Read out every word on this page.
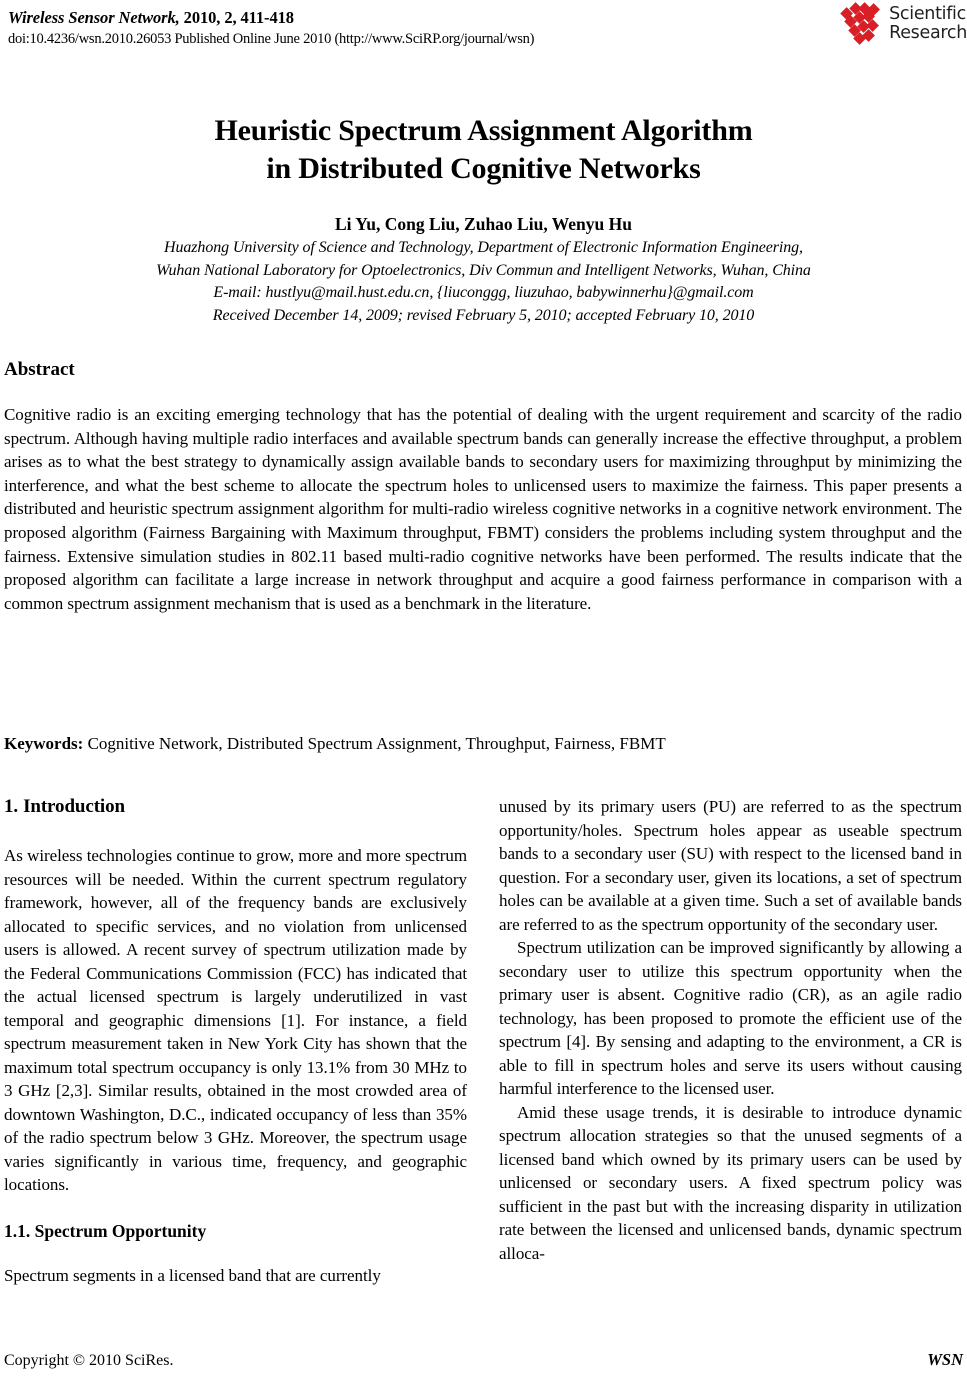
Wireless Sensor Network, 2010, 2, 411-418
doi:10.4236/wsn.2010.26053 Published Online June 2010 (http://www.SciRP.org/journal/wsn)
Scientific
Research
Heuristic Spectrum Assignment Algorithm
in Distributed Cognitive Networks
Li Yu, Cong Liu, Zuhao Liu, Wenyu Hu
Huazhong University of Science and Technology, Department of Electronic Information Engineering,
Wuhan National Laboratory for Optoelectronics, Div Commun and Intelligent Networks, Wuhan, China
E-mail: hustlyu@mail.hust.edu.cn, {liuconggg, liuzuhao, babywinnerhu}@gmail.com
Received December 14, 2009; revised February 5, 2010; accepted February 10, 2010
Abstract
Cognitive radio is an exciting emerging technology that has the potential of dealing with the urgent requirement and scarcity of the radio spectrum. Although having multiple radio interfaces and available spectrum bands can generally increase the effective throughput, a problem arises as to what the best strategy to dynamically assign available bands to secondary users for maximizing throughput by minimizing the interference, and what the best scheme to allocate the spectrum holes to unlicensed users to maximize the fairness. This paper presents a distributed and heuristic spectrum assignment algorithm for multi-radio wireless cognitive networks in a cognitive network environment. The proposed algorithm (Fairness Bargaining with Maximum throughput, FBMT) considers the problems including system throughput and the fairness. Extensive simulation studies in 802.11 based multi-radio cognitive networks have been performed. The results indicate that the proposed algorithm can facilitate a large increase in network throughput and acquire a good fairness performance in comparison with a common spectrum assignment mechanism that is used as a benchmark in the literature.
Keywords: Cognitive Network, Distributed Spectrum Assignment, Throughput, Fairness, FBMT
1. Introduction

As wireless technologies continue to grow, more and more spectrum resources will be needed. Within the current spectrum regulatory framework, however, all of the frequency bands are exclusively allocated to specific services, and no violation from unlicensed users is allowed. A recent survey of spectrum utilization made by the Federal Communications Commission (FCC) has indicated that the actual licensed spectrum is largely underutilized in vast temporal and geographic dimensions [1]. For instance, a field spectrum measurement taken in New York City has shown that the maximum total spectrum occupancy is only 13.1% from 30 MHz to 3 GHz [2,3]. Similar results, obtained in the most crowded area of downtown Washington, D.C., indicated occupancy of less than 35% of the radio spectrum below 3 GHz. Moreover, the spectrum usage varies significantly in various time, frequency, and geographic locations.

1.1. Spectrum Opportunity

Spectrum segments in a licensed band that are currently

unused by its primary users (PU) are referred to as the spectrum opportunity/holes. Spectrum holes appear as useable spectrum bands to a secondary user (SU) with respect to the licensed band in question. For a secondary user, given its locations, a set of spectrum holes can be available at a given time. Such a set of available bands are referred to as the spectrum opportunity of the secondary user.

Spectrum utilization can be improved significantly by allowing a secondary user to utilize this spectrum opportunity when the primary user is absent. Cognitive radio (CR), as an agile radio technology, has been proposed to promote the efficient use of the spectrum [4]. By sensing and adapting to the environment, a CR is able to fill in spectrum holes and serve its users without causing harmful interference to the licensed user.

Amid these usage trends, it is desirable to introduce dynamic spectrum allocation strategies so that the unused segments of a licensed band which owned by its primary users can be used by unlicensed or secondary users. A fixed spectrum policy was sufficient in the past but with the increasing disparity in utilization rate between the licensed and unlicensed bands, dynamic spectrum alloca-

Copyright © 2010 SciRes.	WSN
